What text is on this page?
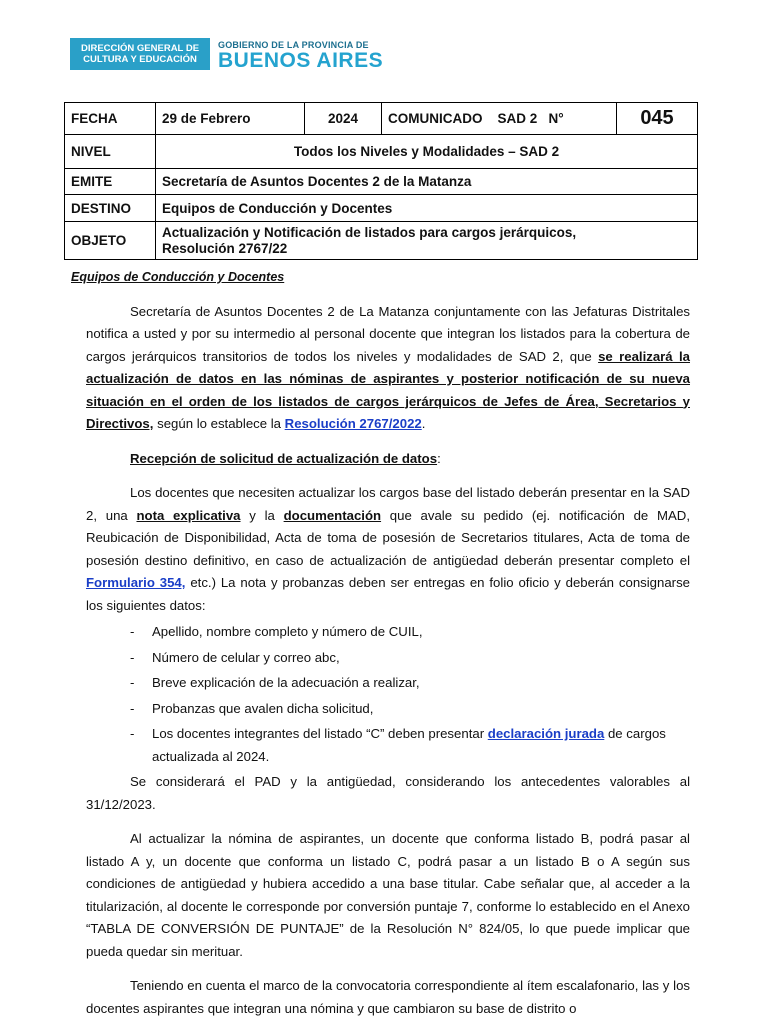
DIRECCIÓN GENERAL DE
CULTURA Y EDUCACIÓN
GOBIERNO DE LA PROVINCIA DE
BUENOS AIRES
FECHA	29 de Febrero	2024	COMUNICADO    SAD 2   N°	045
NIVEL	Todos los Niveles y Modalidades – SAD 2			
EMITE	Secretaría de Asuntos Docentes 2 de la Matanza			
DESTINO	Equipos de Conducción y Docentes			
OBJETO	Actualización y Notificación de listados para cargos jerárquicos,
Resolución 2767/22			

Equipos de Conducción y Docentes

Secretaría de Asuntos Docentes 2 de La Matanza conjuntamente con las Jefaturas Distritales notifica a usted y por su intermedio al personal docente que integran los listados para la cobertura de cargos jerárquicos transitorios de todos los niveles y modalidades de SAD 2, que se realizará la actualización de datos en las nóminas de aspirantes y posterior notificación de su nueva situación en el orden de los listados de cargos jerárquicos de Jefes de Área, Secretarios y Directivos, según lo establece la Resolución 2767/2022.

Recepción de solicitud de actualización de datos:

Los docentes que necesiten actualizar los cargos base del listado deberán presentar en la SAD 2, una nota explicativa y la documentación que avale su pedido (ej. notificación de MAD, Reubicación de Disponibilidad, Acta de toma de posesión de Secretarios titulares, Acta de toma de posesión destino definitivo, en caso de actualización de antigüedad deberán presentar completo el Formulario 354, etc.) La nota y probanzas deben ser entregas en folio oficio y deberán consignarse los siguientes datos:

- Apellido, nombre completo y número de CUIL,
- Número de celular y correo abc,
- Breve explicación de la adecuación a realizar,
- Probanzas que avalen dicha solicitud,
- Los docentes integrantes del listado “C” deben presentar declaración jurada de cargos actualizada al 2024.

Se considerará el PAD y la antigüedad, considerando los antecedentes valorables al 31/12/2023.

Al actualizar la nómina de aspirantes, un docente que conforma listado B, podrá pasar al listado A y, un docente que conforma un listado C, podrá pasar a un listado B o A según sus condiciones de antigüedad y hubiera accedido a una base titular. Cabe señalar que, al acceder a la titularización, al docente le corresponde por conversión puntaje 7, conforme lo establecido en el Anexo “TABLA DE CONVERSIÓN DE PUNTAJE” de la Resolución N° 824/05, lo que puede implicar que pueda quedar sin merituar.

Teniendo en cuenta el marco de la convocatoria correspondiente al ítem escalafonario, las y los docentes aspirantes que integran una nómina y que cambiaron su base de distrito o
